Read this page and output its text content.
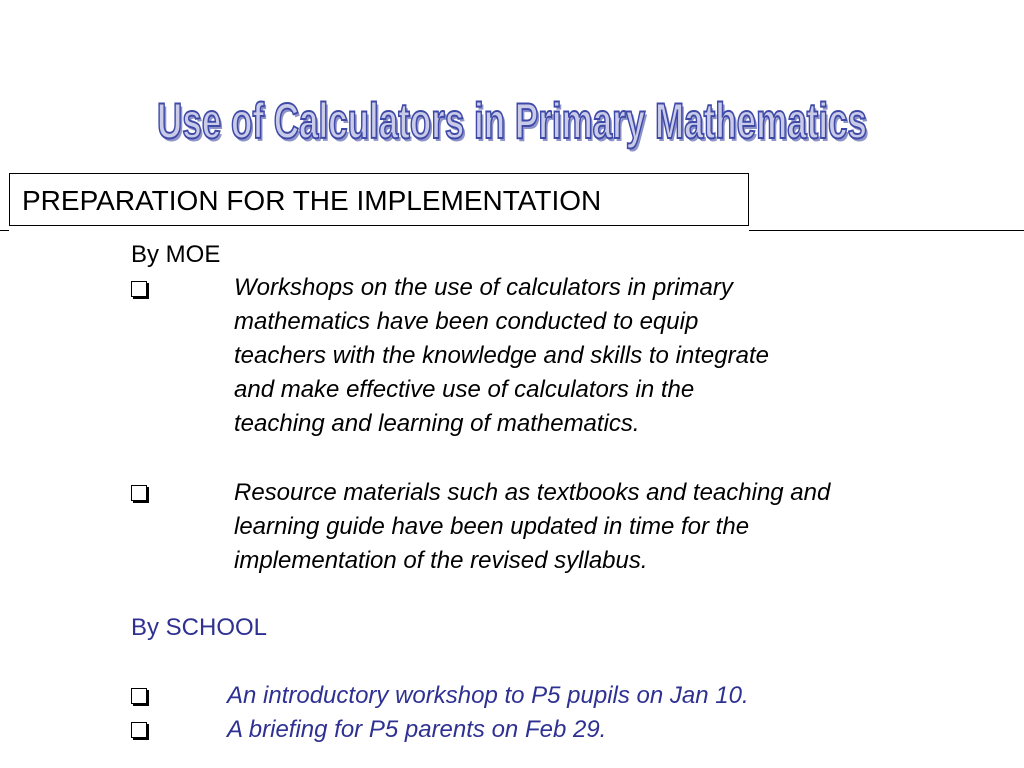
Use of Calculators in Primary Mathematics
PREPARATION FOR THE IMPLEMENTATION
By MOE
Workshops on the use of calculators in primary
mathematics have been conducted to equip
teachers with the knowledge and skills to integrate
and make effective use of calculators in the
teaching and learning of mathematics.
Resource materials such as textbooks and teaching and
learning guide have been updated in time for the
implementation of the revised syllabus.
By SCHOOL
An introductory workshop to P5 pupils on Jan 10.
A briefing for P5 parents on Feb 29.
